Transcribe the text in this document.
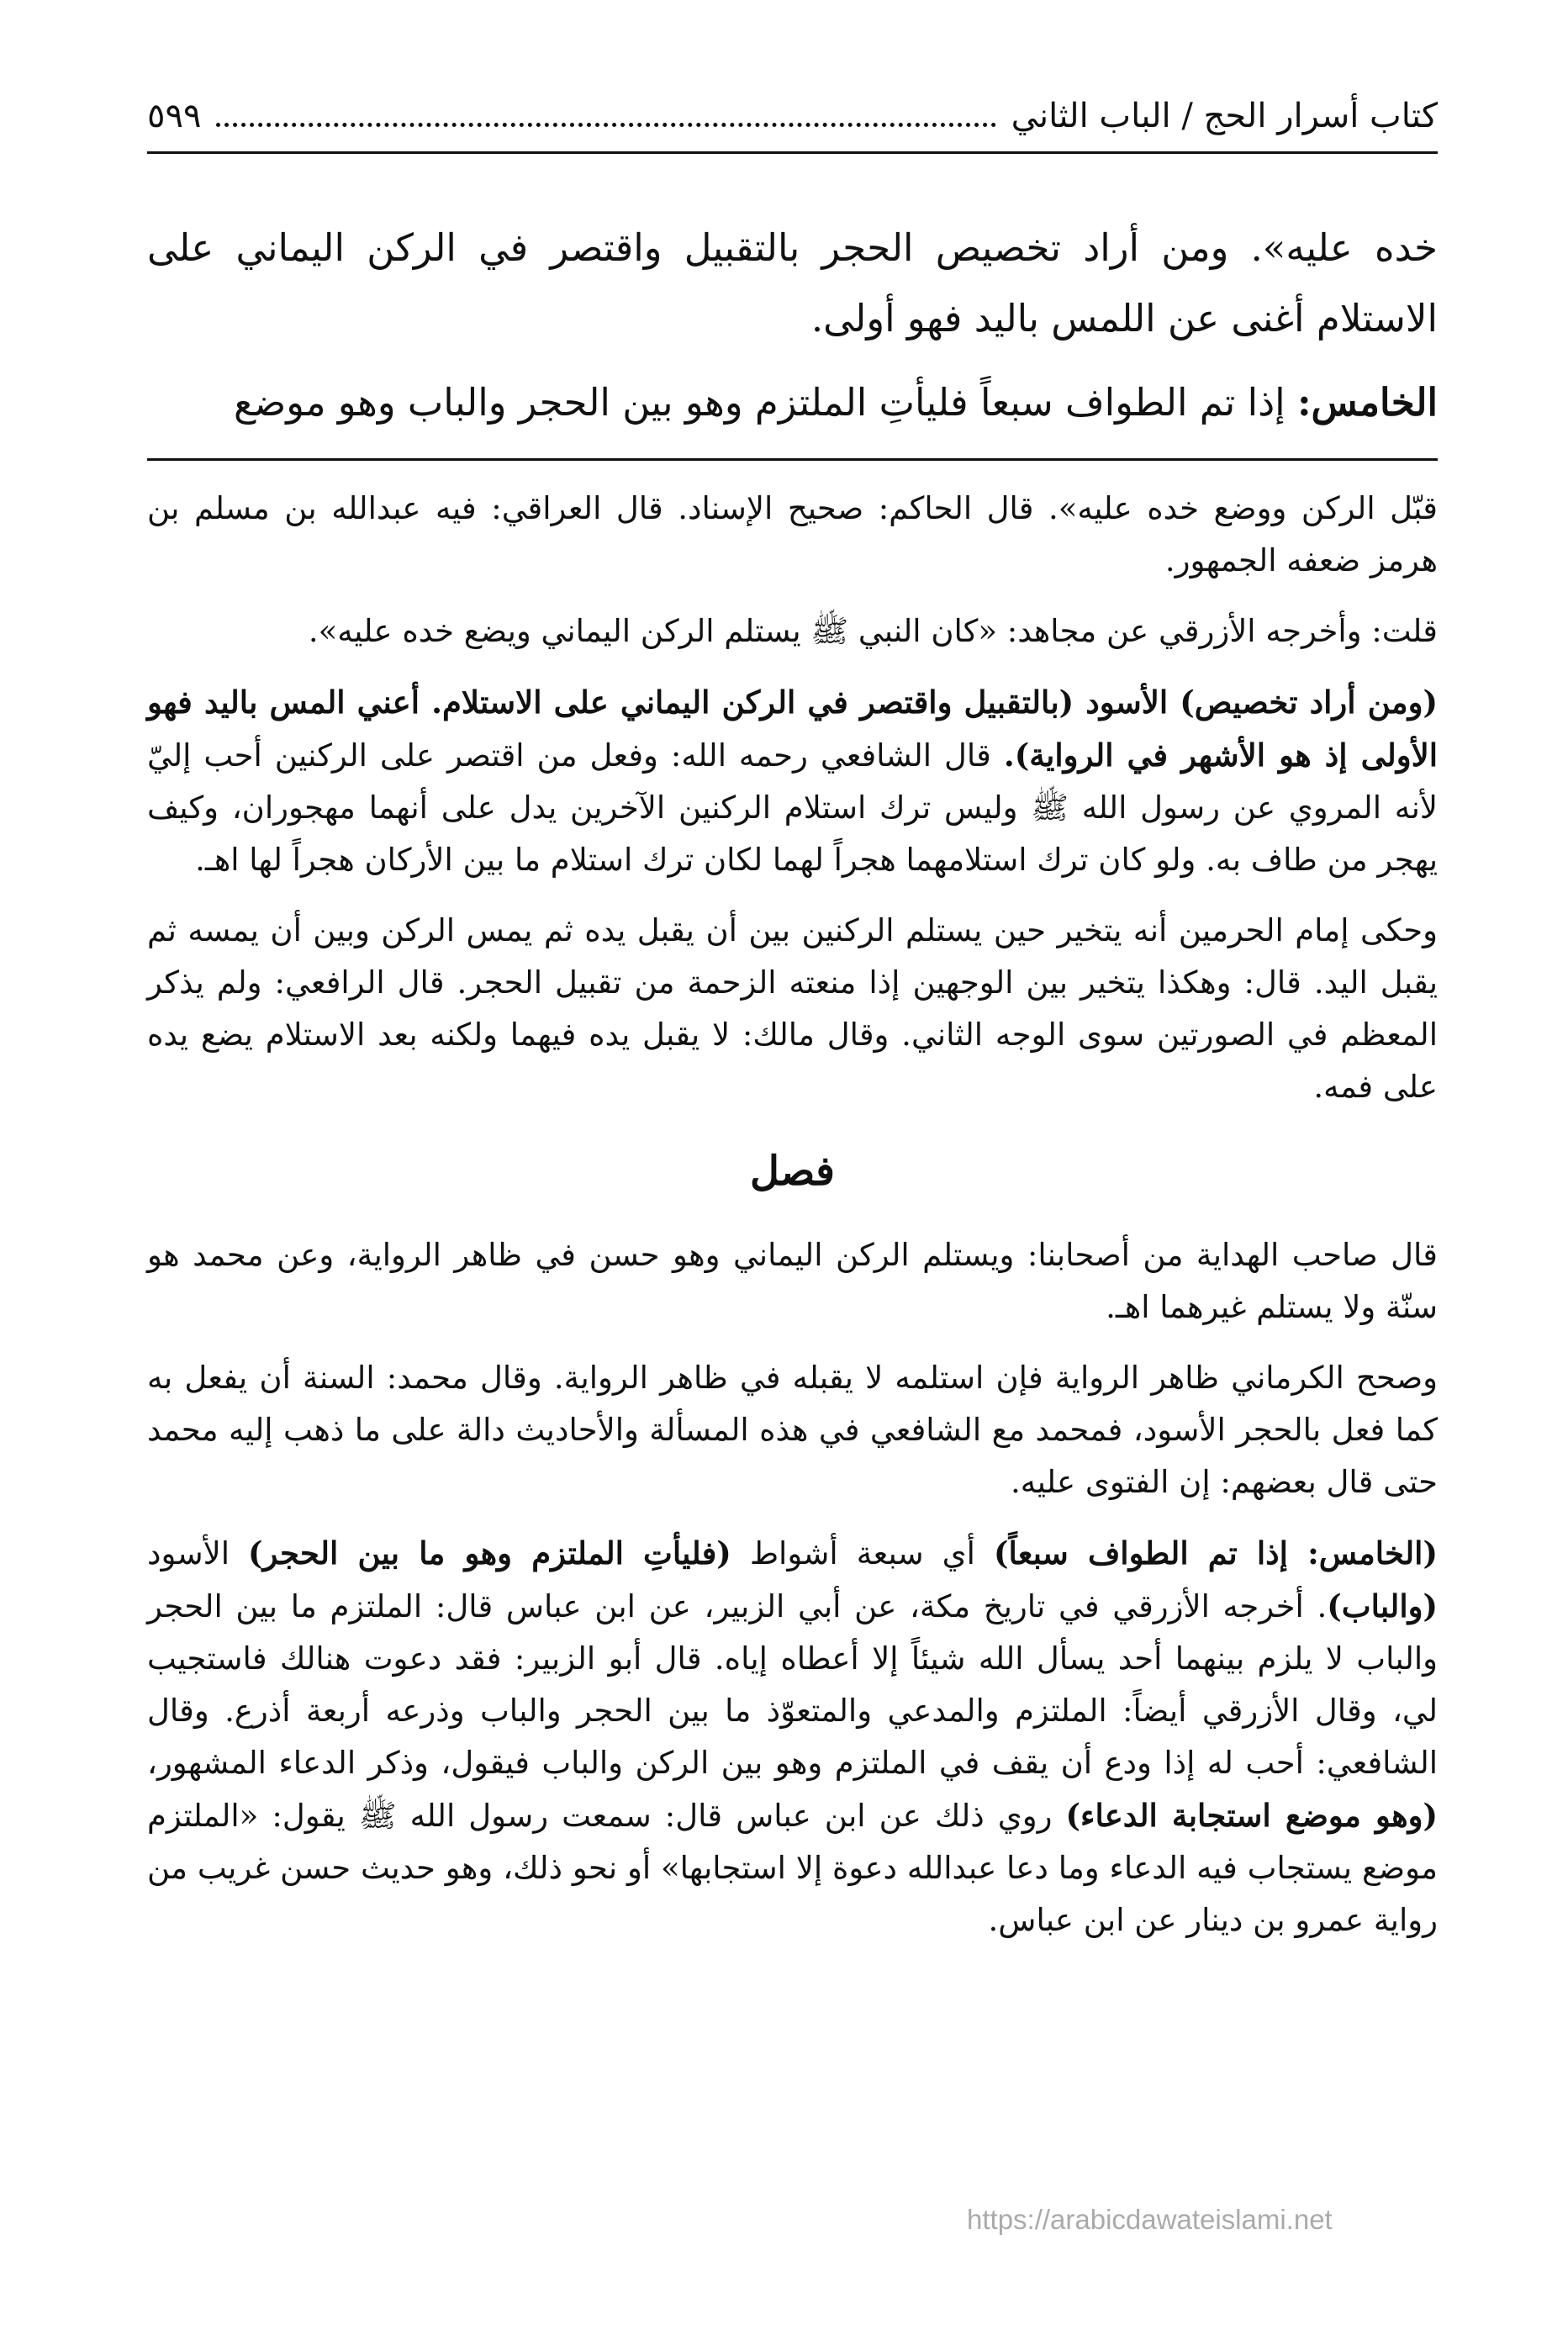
كتاب أسرار الحج / الباب الثاني
٥٩٩

خده عليه». ومن أراد تخصيص الحجر بالتقبيل واقتصر في الركن اليماني على الاستلام أغنى عن اللمس باليد فهو أولى.

الخامس: إذا تم الطواف سبعاً فليأتِ الملتزم وهو بين الحجر والباب وهو موضع

قبّل الركن ووضع خده عليه». قال الحاكم: صحيح الإسناد. قال العراقي: فيه عبدالله بن مسلم بن هرمز ضعفه الجمهور.

قلت: وأخرجه الأزرقي عن مجاهد: «كان النبي ﷺ يستلم الركن اليماني ويضع خده عليه».

(ومن أراد تخصيص) الأسود (بالتقبيل واقتصر في الركن اليماني على الاستلام. أعني المس باليد فهو الأولى إذ هو الأشهر في الرواية). قال الشافعي رحمه الله: وفعل من اقتصر على الركنين أحب إليّ لأنه المروي عن رسول الله ﷺ وليس ترك استلام الركنين الآخرين يدل على أنهما مهجوران، وكيف يهجر من طاف به. ولو كان ترك استلامهما هجراً لهما لكان ترك استلام ما بين الأركان هجراً لها اهـ.

وحكى إمام الحرمين أنه يتخير حين يستلم الركنين بين أن يقبل يده ثم يمس الركن وبين أن يمسه ثم يقبل اليد. قال: وهكذا يتخير بين الوجهين إذا منعته الزحمة من تقبيل الحجر. قال الرافعي: ولم يذكر المعظم في الصورتين سوى الوجه الثاني. وقال مالك: لا يقبل يده فيهما ولكنه بعد الاستلام يضع يده على فمه.

فصل

قال صاحب الهداية من أصحابنا: ويستلم الركن اليماني وهو حسن في ظاهر الرواية، وعن محمد هو سنّة ولا يستلم غيرهما اهـ.

وصحح الكرماني ظاهر الرواية فإن استلمه لا يقبله في ظاهر الرواية. وقال محمد: السنة أن يفعل به كما فعل بالحجر الأسود، فمحمد مع الشافعي في هذه المسألة والأحاديث دالة على ما ذهب إليه محمد حتى قال بعضهم: إن الفتوى عليه.

(الخامس: إذا تم الطواف سبعاً) أي سبعة أشواط (فليأتِ الملتزم وهو ما بين الحجر) الأسود (والباب). أخرجه الأزرقي في تاريخ مكة، عن أبي الزبير، عن ابن عباس قال: الملتزم ما بين الحجر والباب لا يلزم بينهما أحد يسأل الله شيئاً إلا أعطاه إياه. قال أبو الزبير: فقد دعوت هنالك فاستجيب لي، وقال الأزرقي أيضاً: الملتزم والمدعي والمتعوّذ ما بين الحجر والباب وذرعه أربعة أذرع. وقال الشافعي: أحب له إذا ودع أن يقف في الملتزم وهو بين الركن والباب فيقول، وذكر الدعاء المشهور، (وهو موضع استجابة الدعاء) روي ذلك عن ابن عباس قال: سمعت رسول الله ﷺ يقول: «الملتزم موضع يستجاب فيه الدعاء وما دعا عبدالله دعوة إلا استجابها» أو نحو ذلك، وهو حديث حسن غريب من رواية عمرو بن دينار عن ابن عباس.

https://arabicdawateislami.net
